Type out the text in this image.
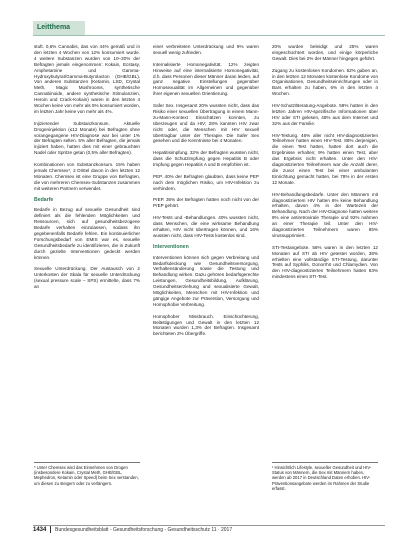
Leitthema

stuft. 0,6% Cannabis, das von 44% gemäß und in den letzten 4 Wochen von 12% konsumiert wurde. 4 weitere Substanzen wurden von 10–20% der Befragten jemals eingenommen: Kokain, Ecstasy, Amphetamine und Gamma-Hydroxybutyrat/Gamma-Butyrolacton (GHB/GBL). Von anderen Substanzen (Ketamin, LSD, Crystal Meth, Magic Mushrooms, synthetische Cannabinoide, andere synthetische Stimulanzien, Heroin und Crack-Kokain) waren in den letzten 4 Wochen keine von mehr als 5% konsumiert worden, im letzten Jahr keine von mehr als 4%.

Injizierender Substanzkonsum. Aktuelle Drogeninjektion (≤12 Monate) bei Befragten ohne vorangegangene HIV-Diagnose war bei unter 1% der Befragten selten. 5% aller Befragten, die jemals injiziert haben, hatten dies mit einer gebrauchten Nadel oder Spritze getan (0,5% aller Befragten).

Kombinationen von Substanzkonsum. 15% haben jemals Chemsex*, 2 Drittel davon in den letzten 12 Monaten. Chemsex ist eine Gruppe von Befragten, die von mehreren Chemsex-Substanzen zusammen mit weiteren Partnern verwendet.

Bedarfe

Bedarfe in Bezug auf sexuelle Gesundheit sind definiert als die fehlenden Möglichkeiten und Ressourcen, sich auf gesundheitsbezogene Bedarfe verhalten einzulassen, sodass ihn gegebenenfalls Bedarfe fehlen. Ein kontinuierlicher Forschungsbedarf von EMIS war es, sexuelle Gesundheitsbedarfe zu identifizieren, die in Zukunft durch gezielte Interventionen gedeckt werden können.

Sexuelle Unterdrückung. Der Austausch von 2 Unterkosten der Skala für sexuelle Unterdrückung (sexual pressure scale – SPS) ermittelte, dass 7% an

einer verbreiteten Unterdrückung und 9% waren sexuell wenig zufrieden.

Internalisierte Homonegativität. 12% zeigten Hinweise auf eine internalisierte Homonegativität, d.h. dass Personen dieser Männer daran leiden, auf ganz negative Einstellungen gegenüber Homosexualität im Allgemeinen und gegenüber ihrer eigenen sexuellen Orientierung.

Safer Sex. Insgesamt 20% wussten nicht, dass das Risiko einer sexuellen Übertragung in einem Mann-zu-Mann-Kontext Einschätzen konnten, zu überzeugen und da HIV; 28% kannten HIV zwar nicht oder, die Menschen mit HIV sexuell übertragbar unter der Therapie. Die Safer Sex gesehen und die Kenntnisse bei 4 Monaten.

Hepatitisimpfung. 32% der Befragten wussten nicht, dass die Schutzimpfung gegen Hepatitis B oder Impfung gegen Hepatitis A und B empfohlen ist.

PEP. 40% der Befragten glaubten, dass keine PEP nach dem möglichen Risiko, um HIV-Infektion zu verhindern.

PrEP. 36% der Befragten hatten noch nicht von der PrEP gehört.

HIV-Tests und -Behandlungen. 40% wussten nicht, dass Menschen, die eine wirksame Behandlung erhalten, HIV nicht übertragen können, und 16% wussten nicht, dass HIV-Tests kostenlos sind.

Interventionen

Interventionen können sich gegen Verbreitung und Bedarfsdeckung wie Gesundheitsversorgung, Verhaltensänderung sowie die Testung und Behandlung wirken. Dazu gehören bedarfsgerechte Leistungen, Gesundheitsbildung, Aufklärung, Gesundheitserziehung und sexualisierte Gewalt, Möglichkeiten, Menschen mit HIV-Infektion und gängige Angebote zur Prävention, Versorgung und Homophobie Verbreitung.

Homophober Missbrauch. Einschüchterung, Belästigungen und Gewalt in den letzten 12 Monaten wurden 1,3% der Befragten. Insgesamt berichteten 2% Übergriffe.

20% wurden beleidigt und 25% waren eingeschüchtert worden, und einige körperliche Gewalt. Dies bei 2% der Männer hingegen geführt.

Zugang zu kostenlosen Kondomen. 52% gaben an, in den letzten 12 Monaten kostenlose Kondome von Organisationen, Gesundheitseinrichtungen oder in Bars erhalten zu haben, 6% in den letzten 4 Wochen.

HIV-Schutz/Beratung-Angebote. 59% hatten in den letzten Jahren HIV-spezifische Informationen über HIV oder STI gelesen, 48% aus dem Internet und 32% aus der Familie.

HIV-Testung. 46% aller nicht HIV-diagnostizierten Teilnehmer hatten einen HIV-Test. 88% derjenigen, die einen Test hatten, hatten dort auch die Ergebnisse erhalten; 9% hatten einen Test, aber das Ergebnis nicht erhalten. Unter den HIV-diagnostizierten Teilnehmern war die Anzahl derer, die zuvor einen Test bei einer ambulanten Einrichtung gemacht hatten, bei 78% in der ersten 12 Monate.

HIV-Behandlungsbedarfe. Unter den Männern mit diagnostiziertem HIV hatten 6% keine Behandlung erhalten, davon 4% in der Wartezeit der Behandlung. Nach der HIV-Diagnose hatten weitere 8% eine antiretrovirale Therapie und 92% nahmen an einer Therapie teil. Unter den HIV-diagnostizierten Teilnehmern waren 85% virussupprimiert.

STI-Testangebote. 58% waren in den letzten 12 Monaten auf STI ab HIV getestet worden, 38% erhielten eine vollständige STI-Testung, darunter Tests auf Syphilis, Gonorrhö und Chlamydien. Von den HIV-diagnostizierten Teilnehmern hatten 83% mindestens einen STI-Test.

* Unter Chemsex wird das Einnehmen von Drogen (insbesondere Kokain, Crystal Meth, GHB/GBL, Mephedron, Ketamin oder Speed) beim Sex verstanden, um diesen zu steigern oder zu verlängern.

¹ Hinsichtlich Lifestyle, sexueller Gesundheit und HIV-Status von Männern, die Sex mit Männern haben, werden ab 2017 in Deutschland Daten erhoben. HIV-Präventionsangebote werden im Rahmen der Studie erfasst.

1434 Bundesgesundheitsblatt - Gesundheitsforschung - Gesundheitsschutz 11 · 2017
